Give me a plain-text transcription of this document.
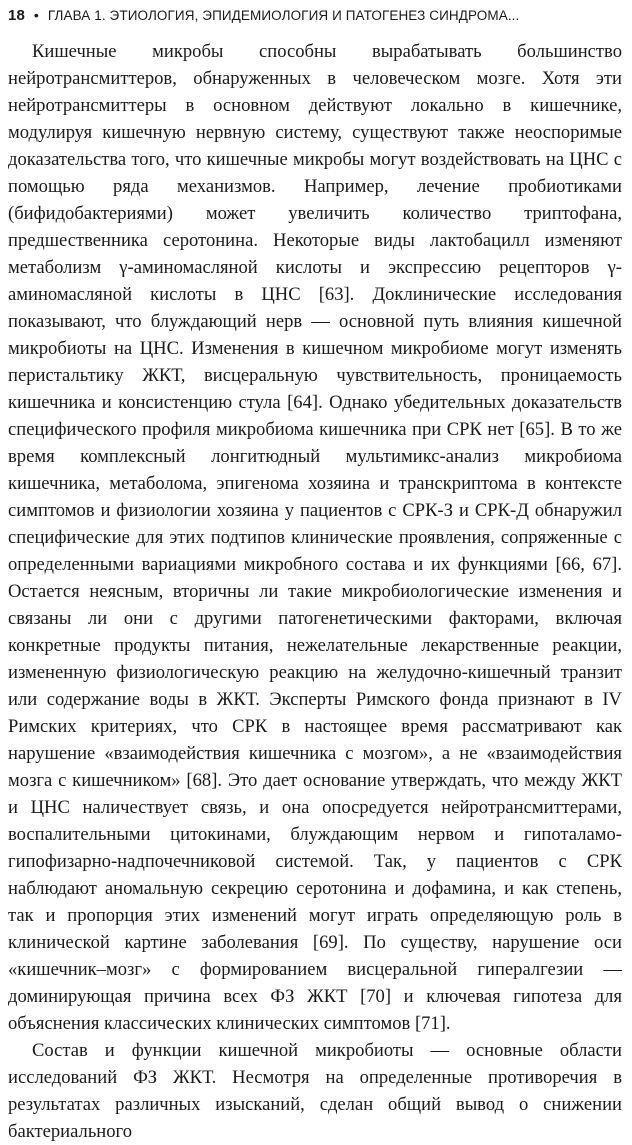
18 • ГЛАВА 1. ЭТИОЛОГИЯ, ЭПИДЕМИОЛОГИЯ И ПАТОГЕНЕЗ СИНДРОМА...

Кишечные микробы способны вырабатывать большинство нейротрансмиттеров, обнаруженных в человеческом мозге. Хотя эти нейротрансмиттеры в основном действуют локально в кишечнике, модулируя кишечную нервную систему, существуют также неоспоримые доказательства того, что кишечные микробы могут воздействовать на ЦНС с помощью ряда механизмов. Например, лечение пробиотиками (бифидобактериями) может увеличить количество триптофана, предшественника серотонина. Некоторые виды лактобацилл изменяют метаболизм γ-аминомасляной кислоты и экспрессию рецепторов γ-аминомасляной кислоты в ЦНС [63]. Доклинические исследования показывают, что блуждающий нерв — основной путь влияния кишечной микробиоты на ЦНС. Изменения в кишечном микробиоме могут изменять перистальтику ЖКТ, висцеральную чувствительность, проницаемость кишечника и консистенцию стула [64]. Однако убедительных доказательств специфического профиля микробиома кишечника при СРК нет [65]. В то же время комплексный лонгитюдный мультимикс-анализ микробиома кишечника, метаболома, эпигенома хозяина и транскриптома в контексте симптомов и физиологии хозяина у пациентов с СРК-З и СРК-Д обнаружил специфические для этих подтипов клинические проявления, сопряженные с определенными вариациями микробного состава и их функциями [66, 67]. Остается неясным, вторичны ли такие микробиологические изменения и связаны ли они с другими патогенетическими факторами, включая конкретные продукты питания, нежелательные лекарственные реакции, измененную физиологическую реакцию на желудочно-кишечный транзит или содержание воды в ЖКТ. Эксперты Римского фонда признают в IV Римских критериях, что СРК в настоящее время рассматривают как нарушение «взаимодействия кишечника с мозгом», а не «взаимодействия мозга с кишечником» [68]. Это дает основание утверждать, что между ЖКТ и ЦНС наличествует связь, и она опосредуется нейротрансмиттерами, воспалительными цитокинами, блуждающим нервом и гипоталамо-гипофизарно-надпочечниковой системой. Так, у пациентов с СРК наблюдают аномальную секрецию серотонина и дофамина, и как степень, так и пропорция этих изменений могут играть определяющую роль в клинической картине заболевания [69]. По существу, нарушение оси «кишечник–мозг» с формированием висцеральной гипералгезии — доминирующая причина всех ФЗ ЖКТ [70] и ключевая гипотеза для объяснения классических клинических симптомов [71].

Состав и функции кишечной микробиоты — основные области исследований ФЗ ЖКТ. Несмотря на определенные противоречия в результатах различных изысканий, сделан общий вывод о снижении бактериального
